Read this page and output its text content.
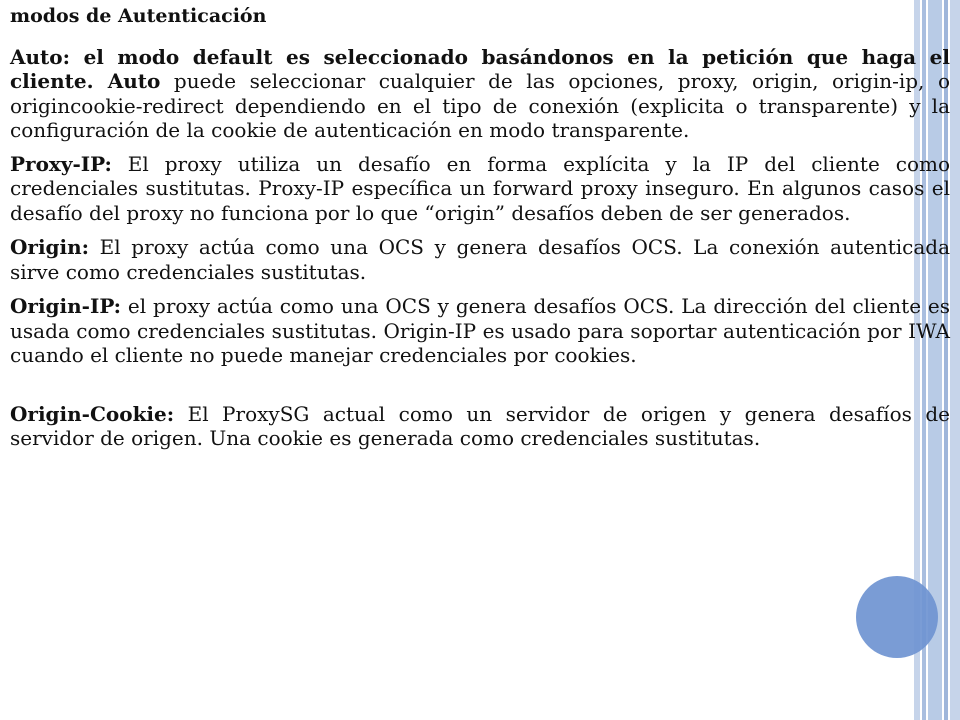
modos de Autenticación

Auto: el modo default es seleccionado basándonos en la petición que haga el cliente. Auto puede seleccionar cualquier de las opciones, proxy, origin, origin-ip, o origincookie-redirect dependiendo en el tipo de conexión (explicita o transparente) y la configuración de la cookie de autenticación en modo transparente.

Proxy-IP: El proxy utiliza un desafío en forma explícita y la IP del cliente como credenciales sustitutas. Proxy-IP específica un forward proxy inseguro. En algunos casos el desafío del proxy no funciona por lo que “origin” desafíos deben de ser generados.

Origin: El proxy actúa como una OCS y genera desafíos OCS. La conexión autenticada sirve como credenciales sustitutas.

Origin-IP: el proxy actúa como una OCS y genera desafíos OCS. La dirección del cliente es usada como credenciales sustitutas. Origin-IP es usado para soportar autenticación por IWA cuando el cliente no puede manejar credenciales por cookies.

Origin-Cookie: El ProxySG actual como un servidor de origen y genera desafíos de servidor de origen. Una cookie es generada como credenciales sustitutas.
